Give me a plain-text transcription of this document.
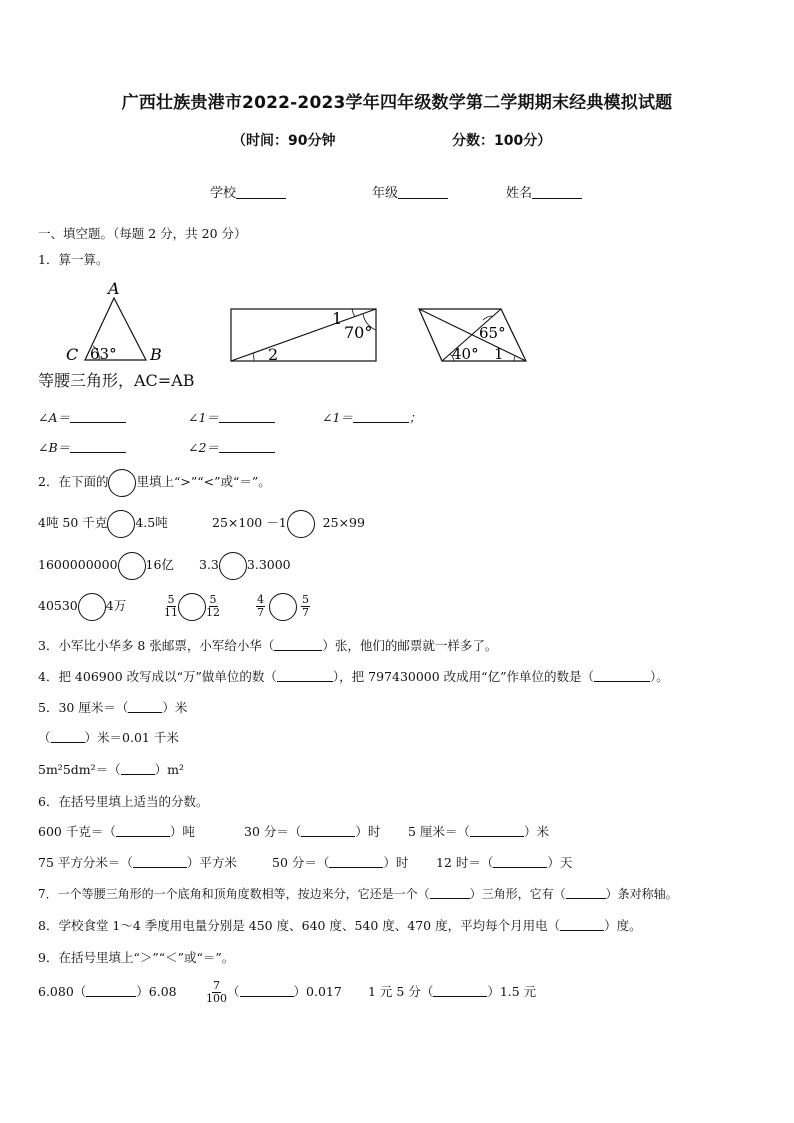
广西壮族贵港市2022-2023学年四年级数学第二学期期末经典模拟试题
（时间：90分钟	分数：100分）
学校	年级	姓名
一、填空题。（每题 2 分，共 20 分）
1．算一算。
A
C	B
63°	2
1
70°	65°
40° 1
等腰三角形，AC=AB
∠A＝	∠1＝	∠1＝	；
∠B＝	∠2＝
2．在下面的 里填上“>”“<”或“＝”。
4吨 50 千克 4.5吨	25×100 －1	25×99
1600000000 16亿 3.3 3.3000
40530 4万	$\frac{5}{11}$	$\frac{5}{12}$	$\frac{4}{7}$	$\frac{5}{7}$
3．小军比小华多 8 张邮票，小军给小华（	）张，他们的邮票就一样多了。
4．把 406900 改写成以“万”做单位的数（	），把 797430000 改成用“亿”作单位的数是（	）。
5．30 厘米＝（	）米
（	）米＝0.01 千米
5m²5dm²＝（	）m²
6．在括号里填上适当的分数。
600 千克＝（	）吨	30 分＝（	）时 5 厘米＝（	）米
75 平方分米＝（	）平方米	50 分＝（	）时 12 时＝（	）天
7．一个等腰三角形的一个底角和顶角度数相等，按边来分，它还是一个（	）三角形，它有（	）条对称轴。
8．学校食堂 1～4 季度用电量分别是 450 度、640 度、540 度、470 度，平均每个月用电（	）度。
9．在括号里填上“＞”“＜”或“＝”。
6.080（	）6.08	$\frac{7}{100}$ （	）0.017 1 元 5 分（	）1.5 元
